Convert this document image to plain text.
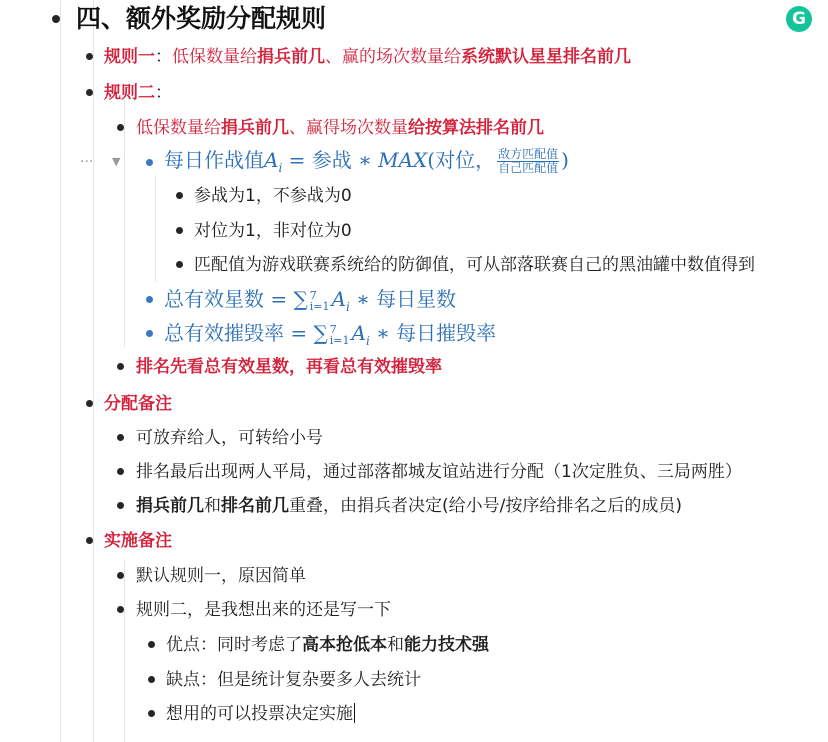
G
四、额外奖励分配规则
规则一：低保数量给捐兵前几、赢的场次数量给系统默认星星排名前几
规则二：
低保数量给捐兵前几、赢得场次数量给按算法排名前几
··· ▼ 每日作战值$A_i$ = 参战 ∗ MAX(对位， $\frac{\text{敌方匹配值}}{\text{自己匹配值}}$ )
参战为1，不参战为0
对位为1，非对位为0
匹配值为游戏联赛系统给的防御值，可从部落联赛自己的黑油罐中数值得到
总有效星数 = ∑ 7
i=1 $A_i$ ∗ 每日星数
总有效摧毁率 = ∑ 7
i=1 $A_i$ ∗ 每日摧毁率
排名先看总有效星数，再看总有效摧毁率
分配备注
可放弃给人，可转给小号
排名最后出现两人平局，通过部落都城友谊站进行分配（1次定胜负、三局两胜）
捐兵前几和排名前几重叠，由捐兵者决定(给小号/按序给排名之后的成员)
实施备注
默认规则一，原因简单
规则二，是我想出来的还是写一下
优点：同时考虑了高本抢低本和能力技术强
缺点：但是统计复杂要多人去统计
想用的可以投票决定实施
